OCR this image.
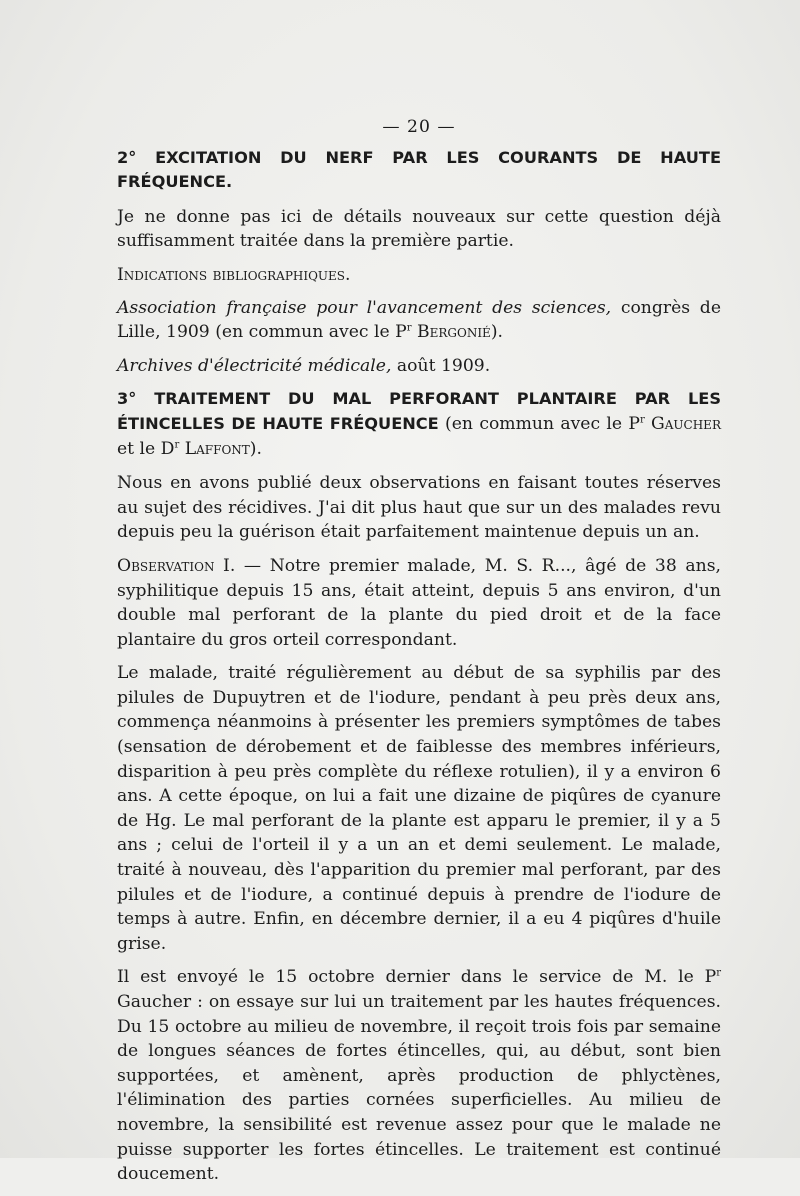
— 20 —
2° EXCITATION DU NERF PAR LES COURANTS DE HAUTE FRÉQUENCE.

Je ne donne pas ici de détails nouveaux sur cette question déjà suffisamment traitée dans la première partie.

Indications bibliographiques.

Association française pour l'avancement des sciences, congrès de Lille, 1909 (en commun avec le $P^r$ Bergonié).

Archives d'électricité médicale, août 1909.

3° TRAITEMENT DU MAL PERFORANT PLANTAIRE PAR LES ÉTINCELLES DE HAUTE FRÉQUENCE (en commun avec le $P^r$ Gaucher et le $D^r$ Laffont).

Nous en avons publié deux observations en faisant toutes réserves au sujet des récidives. J'ai dit plus haut que sur un des malades revu depuis peu la guérison était parfaitement maintenue depuis un an.

Observation I. — Notre premier malade, M. S. R..., âgé de 38 ans, syphilitique depuis 15 ans, était atteint, depuis 5 ans environ, d'un double mal perforant de la plante du pied droit et de la face plantaire du gros orteil correspondant.

Le malade, traité régulièrement au début de sa syphilis par des pilules de Dupuytren et de l'iodure, pendant à peu près deux ans, commença néanmoins à présenter les premiers symptômes de tabes (sensation de dérobement et de faiblesse des membres inférieurs, disparition à peu près complète du réflexe rotulien), il y a environ 6 ans. A cette époque, on lui a fait une dizaine de piqûres de cyanure de Hg. Le mal perforant de la plante est apparu le premier, il y a 5 ans ; celui de l'orteil il y a un an et demi seulement. Le malade, traité à nouveau, dès l'apparition du premier mal perforant, par des pilules et de l'iodure, a continué depuis à prendre de l'iodure de temps à autre. Enfin, en décembre dernier, il a eu 4 piqûres d'huile grise.

Il est envoyé le 15 octobre dernier dans le service de M. le $P^r$ Gaucher : on essaye sur lui un traitement par les hautes fréquences. Du 15 octobre au milieu de novembre, il reçoit trois fois par semaine de longues séances de fortes étincelles, qui, au début, sont bien supportées, et amènent, après production de phlyctènes, l'élimination des parties cornées superficielles. Au milieu de novembre, la sensibilité est revenue assez pour que le malade ne puisse supporter les fortes étincelles. Le traitement est continué doucement.
